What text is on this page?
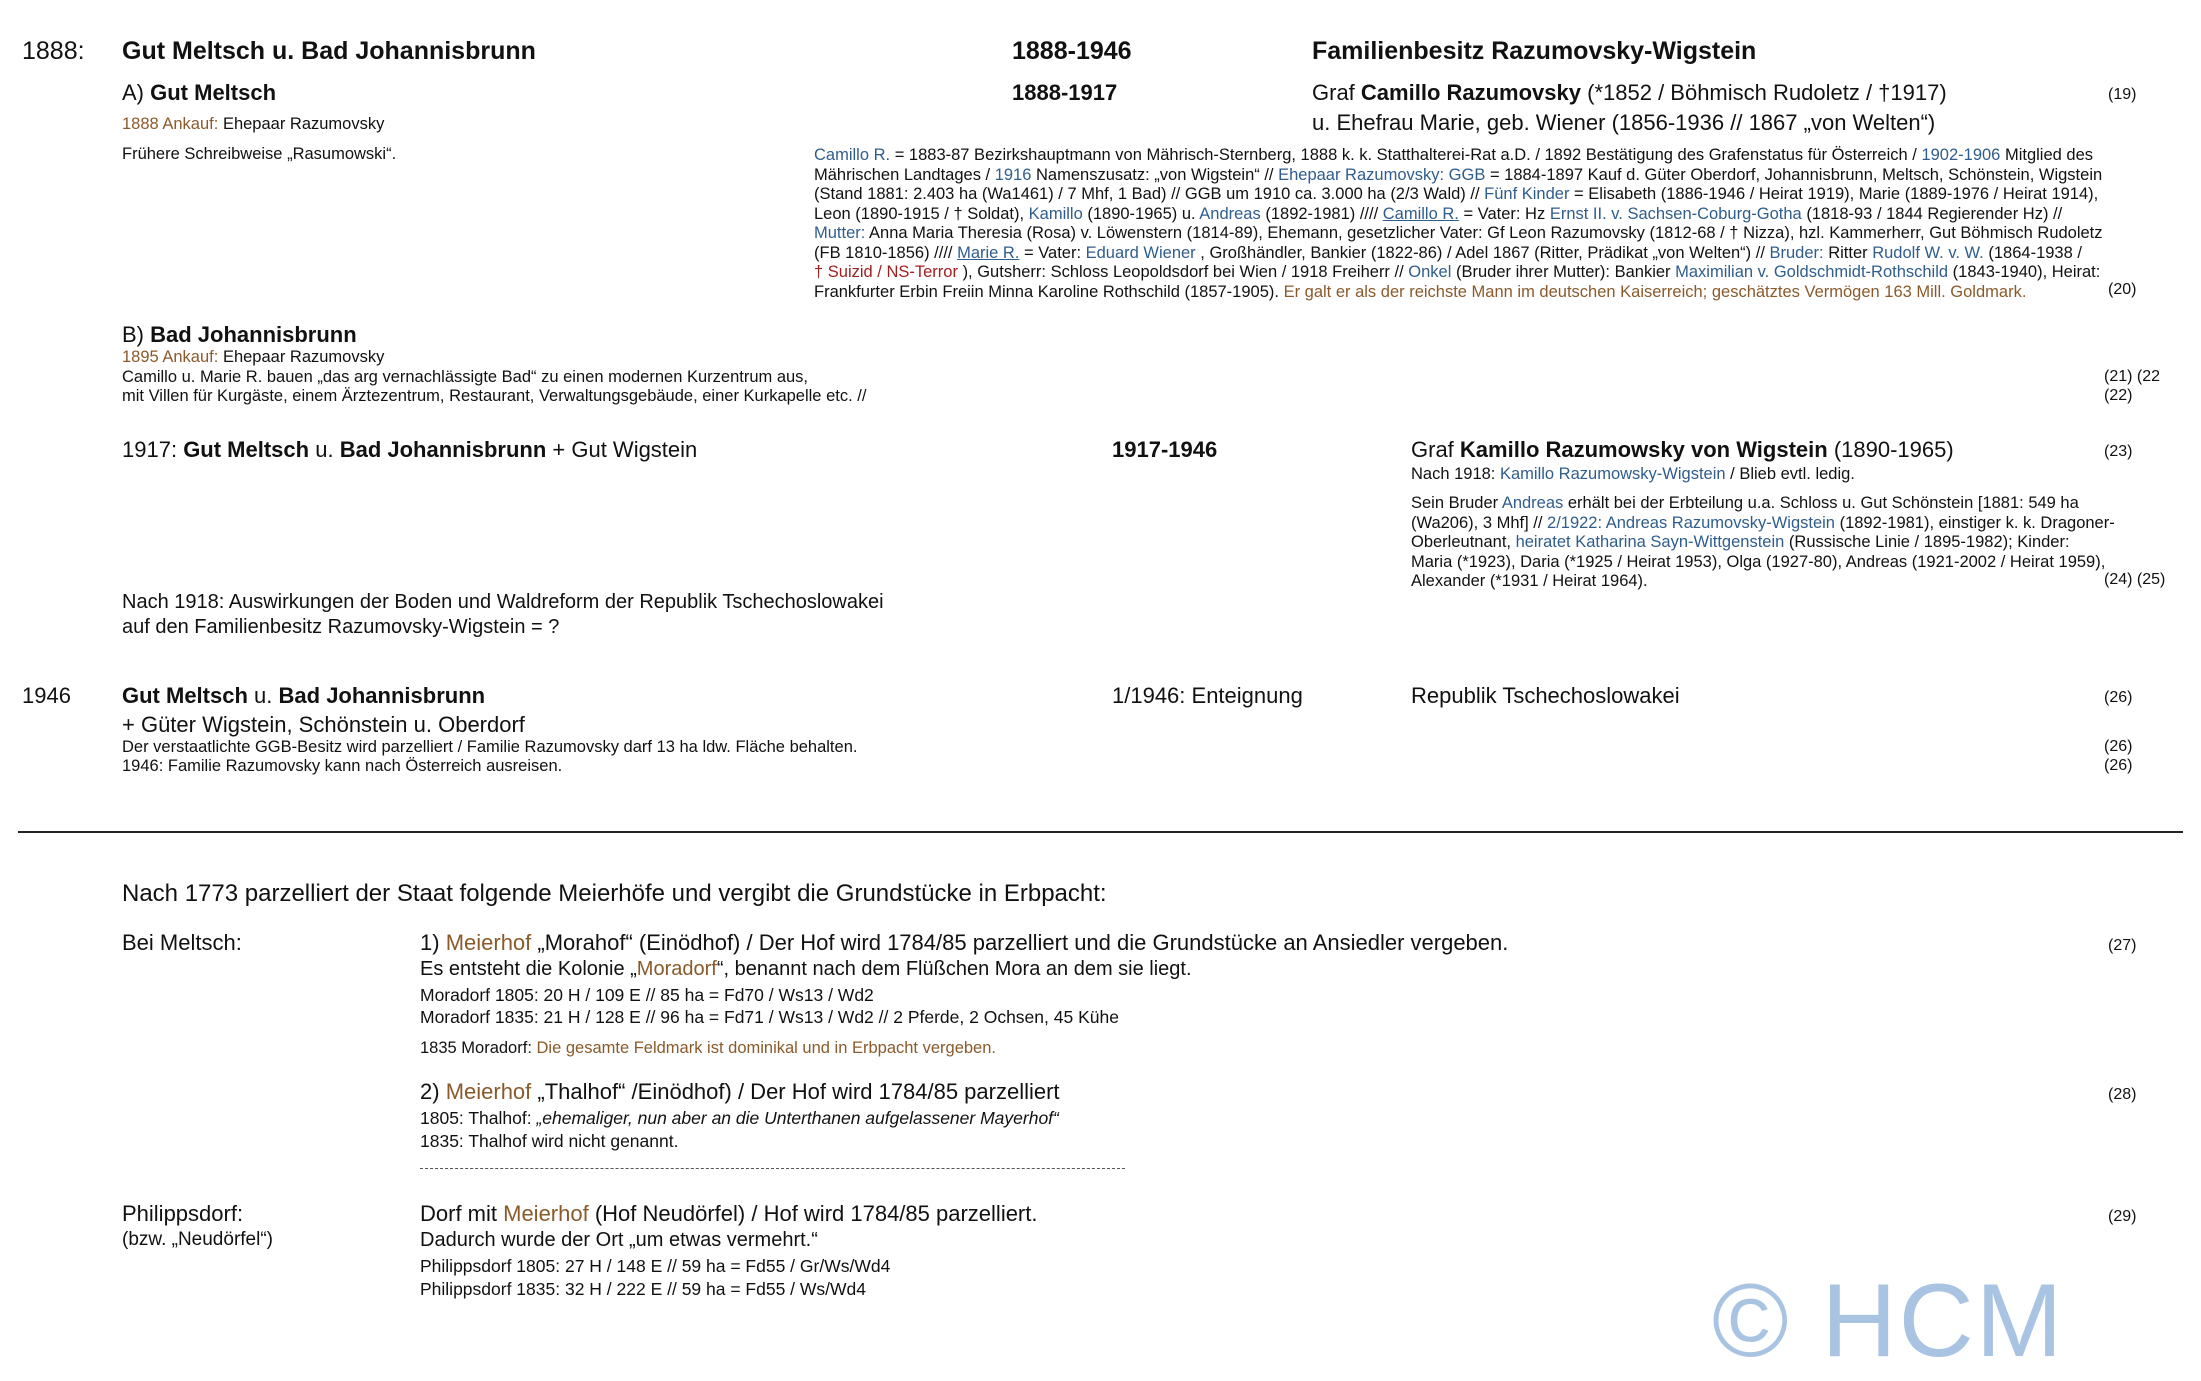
1888: Gut Meltsch u. Bad Johannisbrunn	1888-1946	Familienbesitz Razumovsky-Wigstein
A) Gut Meltsch	1888-1917	Graf Camillo Razumovsky (*1852 / Böhmisch Rudoletz / †1917)	(19)
u. Ehefrau Marie, geb. Wiener (1856-1936 // 1867 „von Welten“)
1888 Ankauf: Ehepaar Razumovsky
Frühere Schreibweise „Rasumowski“.	Camillo R. = 1883-87 Bezirkshauptmann von Mährisch-Sternberg, 1888 k. k. Statthalterei-Rat a.D. / 1892 Bestätigung des Grafenstatus für Österreich / 1902-1906 Mitglied des
Mährischen Landtages / 1916 Namenszusatz: „von Wigstein“ // Ehepaar Razumovsky: GGB = 1884-1897 Kauf d. Güter Oberdorf, Johannisbrunn, Meltsch, Schönstein, Wigstein
(Stand 1881: 2.403 ha (Wa1461) / 7 Mhf, 1 Bad) // GGB um 1910 ca. 3.000 ha (2/3 Wald) // Fünf Kinder = Elisabeth (1886-1946 / Heirat 1919), Marie (1889-1976 / Heirat 1914),
Leon (1890-1915 / † Soldat), Kamillo (1890-1965) u. Andreas (1892-1981) //// Camillo R. = Vater: Hz Ernst II. v. Sachsen-Coburg-Gotha (1818-93 / 1844 Regierender Hz) //
Mutter: Anna Maria Theresia (Rosa) v. Löwenstern (1814-89), Ehemann, gesetzlicher Vater: Gf Leon Razumovsky (1812-68 / † Nizza), hzl. Kammerherr, Gut Böhmisch Rudoletz
(FB 1810-1856) //// Marie R. = Vater: Eduard Wiener , Großhändler, Bankier (1822-86) / Adel 1867 (Ritter, Prädikat „von Welten“) // Bruder: Ritter Rudolf W. v. W. (1864-1938 /
† Suizid / NS-Terror ), Gutsherr: Schloss Leopoldsdorf bei Wien / 1918 Freiherr // Onkel (Bruder ihrer Mutter): Bankier Maximilian v. Goldschmidt-Rothschild (1843-1940), Heirat:
Frankfurter Erbin Freiin Minna Karoline Rothschild (1857-1905). Er galt er als der reichste Mann im deutschen Kaiserreich; geschätztes Vermögen 163 Mill. Goldmark.	(20)
B) Bad Johannisbrunn
1895 Ankauf: Ehepaar Razumovsky
Camillo u. Marie R. bauen „das arg vernachlässigte Bad“ zu einen modernen Kurzentrum aus,	(21) (22
mit Villen für Kurgäste, einem Ärztezentrum, Restaurant, Verwaltungsgebäude, einer Kurkapelle etc. //	(22)
1917: Gut Meltsch u. Bad Johannisbrunn + Gut Wigstein	1917-1946	Graf Kamillo Razumowsky von Wigstein (1890-1965)	(23)
Nach 1918: Kamillo Razumowsky-Wigstein / Blieb evtl. ledig.
Sein Bruder Andreas erhält bei der Erbteilung u.a. Schloss u. Gut Schönstein [1881: 549 ha
(Wa206), 3 Mhf] // 2/1922: Andreas Razumovsky-Wigstein (1892-1981), einstiger k. k. Dragoner-
Oberleutnant, heiratet Katharina Sayn-Wittgenstein (Russische Linie / 1895-1982); Kinder:
Maria (*1923), Daria (*1925 / Heirat 1953), Olga (1927-80), Andreas (1921-2002 / Heirat 1959),
Alexander (*1931 / Heirat 1964).	(24) (25)
Nach 1918: Auswirkungen der Boden und Waldreform der Republik Tschechoslowakei
auf den Familienbesitz Razumovsky-Wigstein = ?
1946 Gut Meltsch u. Bad Johannisbrunn	1/1946: Enteignung	Republik Tschechoslowakei	(26)
+ Güter Wigstein, Schönstein u. Oberdorf
Der verstaatlichte GGB-Besitz wird parzelliert / Familie Razumovsky darf 13 ha ldw. Fläche behalten.	(26)
1946: Familie Razumovsky kann nach Österreich ausreisen.	(26)
Nach 1773 parzelliert der Staat folgende Meierhöfe und vergibt die Grundstücke in Erbpacht:
Bei Meltsch:	1) Meierhof „Morahof“ (Einödhof) / Der Hof wird 1784/85 parzelliert und die Grundstücke an Ansiedler vergeben.	(27)
Es entsteht die Kolonie „Moradorf“, benannt nach dem Flüßchen Mora an dem sie liegt.
Moradorf 1805: 20 H / 109 E // 85 ha = Fd70 / Ws13 / Wd2
Moradorf 1835: 21 H / 128 E // 96 ha = Fd71 / Ws13 / Wd2 // 2 Pferde, 2 Ochsen, 45 Kühe
1835 Moradorf: Die gesamte Feldmark ist dominikal und in Erbpacht vergeben.
2) Meierhof „Thalhof“ /Einödhof) / Der Hof wird 1784/85 parzelliert	(28)
1805: Thalhof: „ehemaliger, nun aber an die Unterthanen aufgelassener Mayerhof“
1835: Thalhof wird nicht genannt.
Philippsdorf:
(bzw. „Neudörfel“)
Dorf mit Meierhof (Hof Neudörfel) / Hof wird 1784/85 parzelliert.	(29)
Dadurch wurde der Ort „um etwas vermehrt.“
Philippsdorf 1805: 27 H / 148 E // 59 ha = Fd55 / Gr/Ws/Wd4
Philippsdorf 1835: 32 H / 222 E // 59 ha = Fd55 / Ws/Wd4	© HCM
